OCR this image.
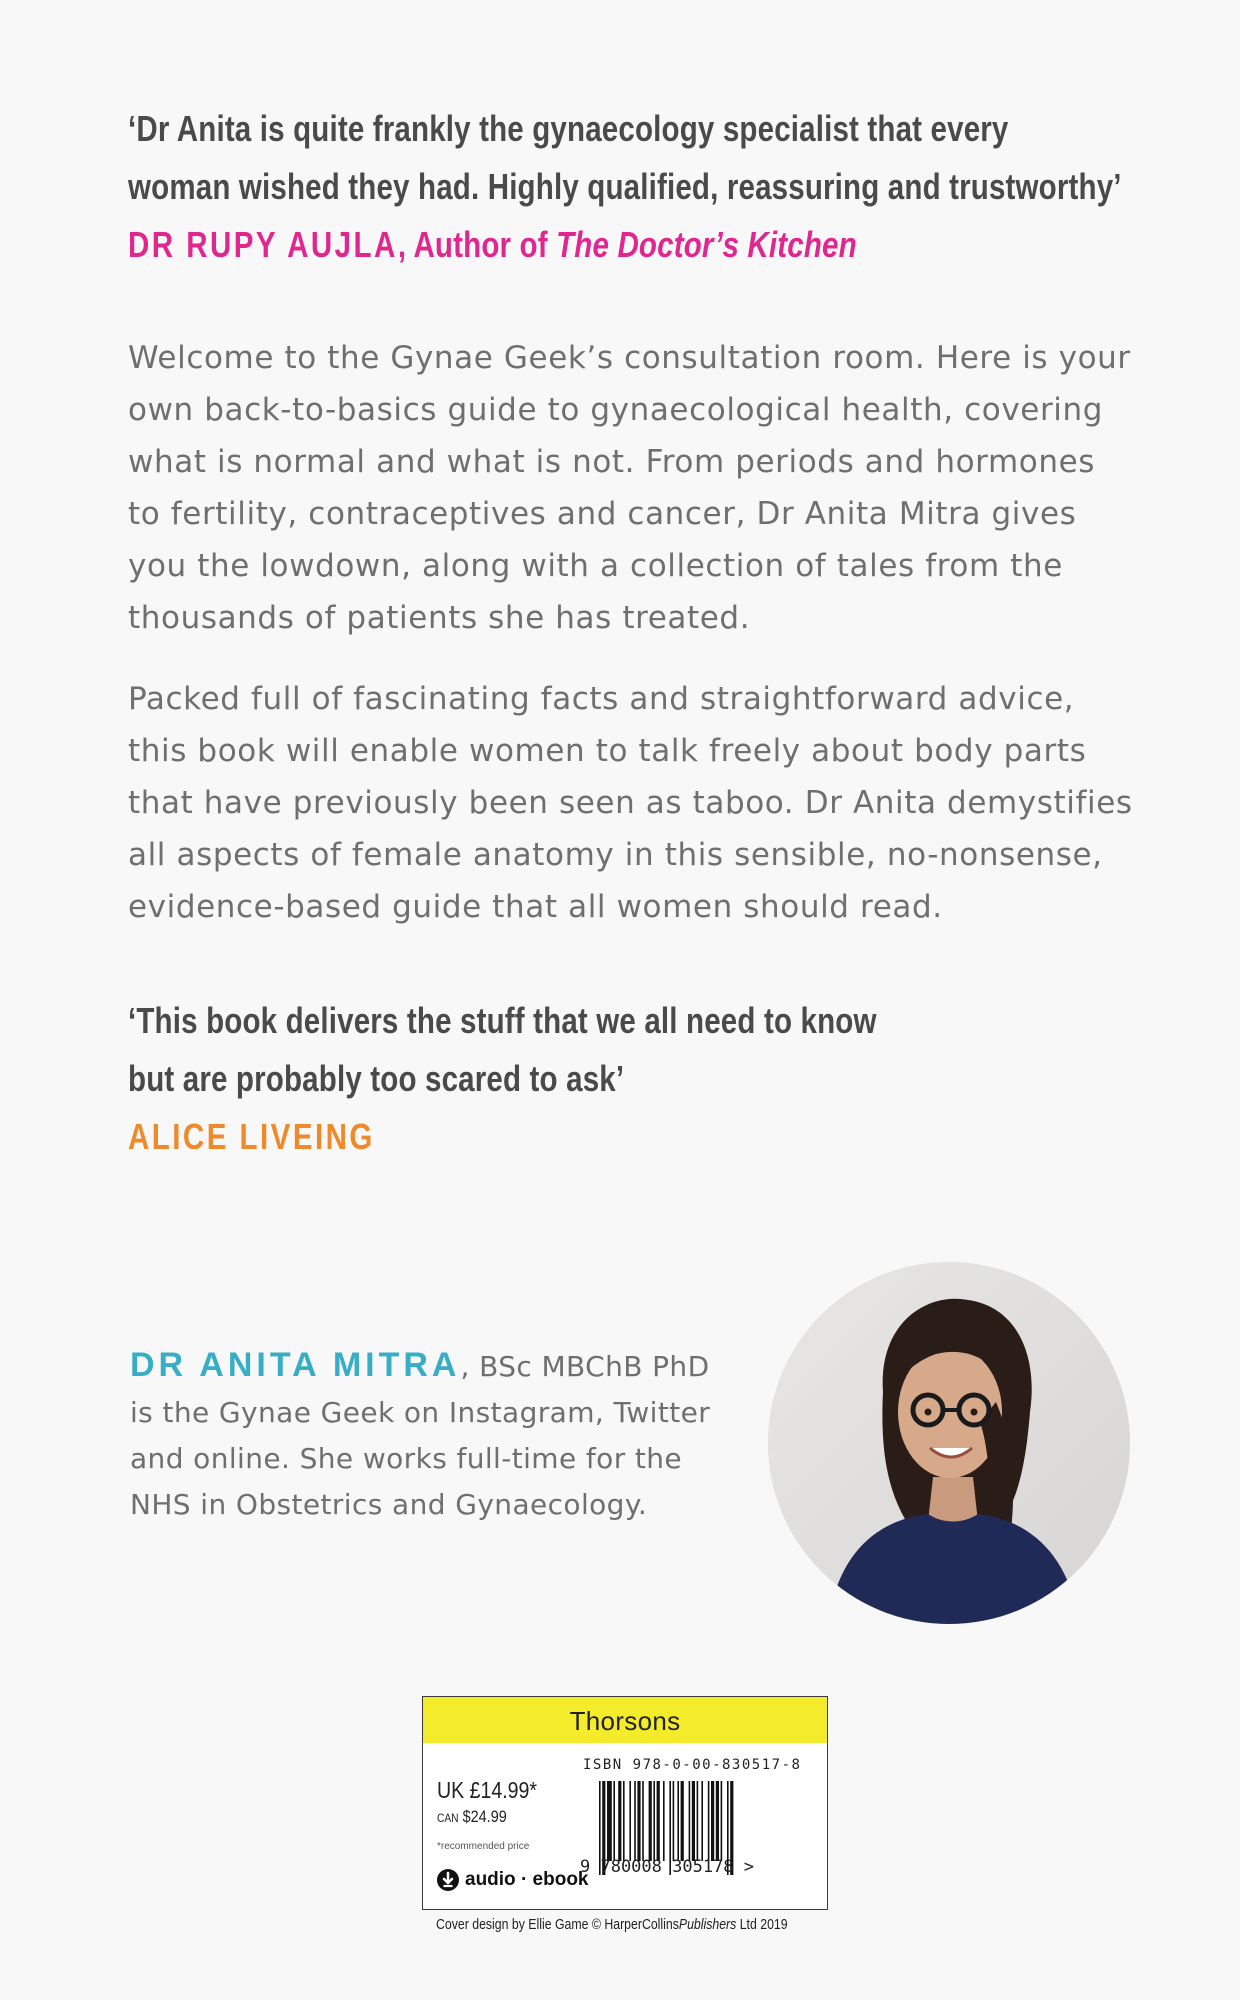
‘Dr Anita is quite frankly the gynaecology specialist that every
woman wished they had. Highly qualified, reassuring and trustworthy’
DR RUPY AUJLA, Author of The Doctor’s Kitchen
Welcome to the Gynae Geek’s consultation room. Here is your
own back-to-basics guide to gynaecological health, covering
what is normal and what is not. From periods and hormones
to fertility, contraceptives and cancer, Dr Anita Mitra gives
you the lowdown, along with a collection of tales from the
thousands of patients she has treated.
Packed full of fascinating facts and straightforward advice,
this book will enable women to talk freely about body parts
that have previously been seen as taboo. Dr Anita demystifies
all aspects of female anatomy in this sensible, no-nonsense,
evidence-based guide that all women should read.
‘This book delivers the stuff that we all need to know
but are probably too scared to ask’
ALICE LIVEING
DR ANITA MITRA, BSc MBChB PhD
is the Gynae Geek on Instagram, Twitter
and online. She works full-time for the
NHS in Obstetrics and Gynaecology.
Thorsons
UK £14.99*
CAN $24.99
*recommended price
audio · ebook
ISBN 978-0-00-830517-8
9 780008 305178 >
Cover design by Ellie Game © HarperCollinsPublishers Ltd 2019
